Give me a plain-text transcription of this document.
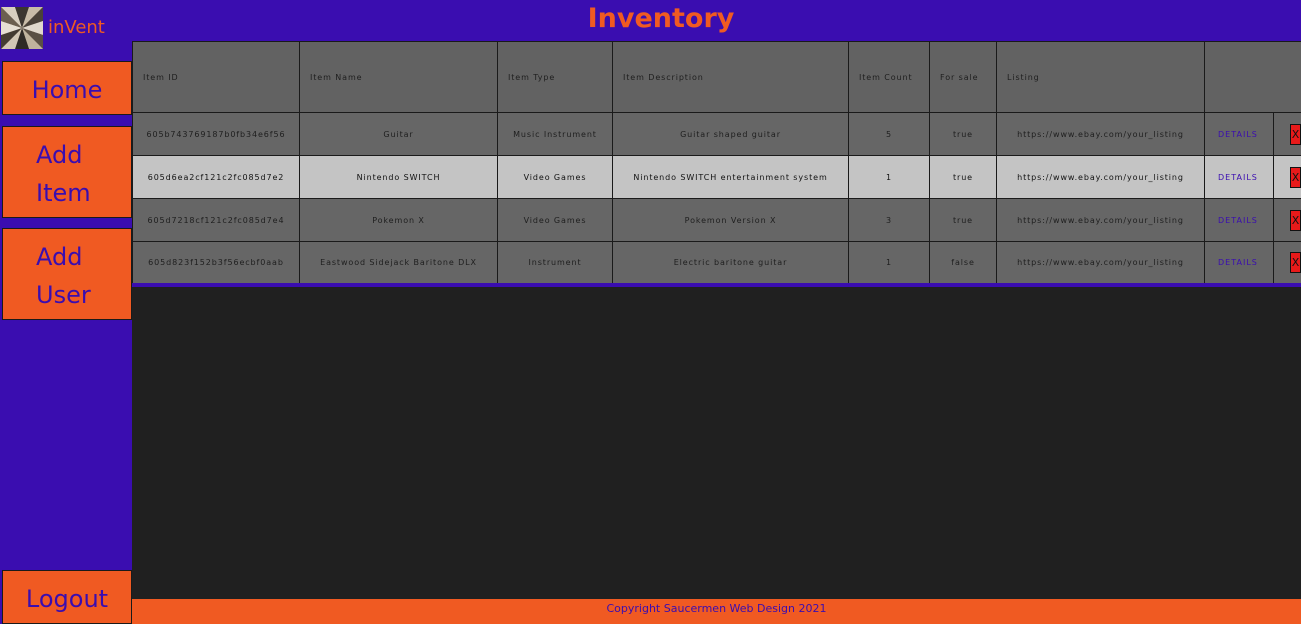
inVent	Inventory
Home
Add Item
Add User
Logout
Item ID	Item Name	Item Type	Item Description	Item Count	For sale	Listing		
605b743769187b0fb34e6f56	Guitar	Music Instrument	Guitar shaped guitar	5	true	https://www.ebay.com/your_listing	DETAILS	X
605d6ea2cf121c2fc085d7e2	Nintendo SWITCH	Video Games	Nintendo SWITCH entertainment system	1	true	https://www.ebay.com/your_listing	DETAILS	X
605d7218cf121c2fc085d7e4	Pokemon X	Video Games	Pokemon Version X	3	true	https://www.ebay.com/your_listing	DETAILS	X
605d823f152b3f56ecbf0aab	Eastwood Sidejack Baritone DLX	Instrument	Electric baritone guitar	1	false	https://www.ebay.com/your_listing	DETAILS	X
Copyright Saucermen Web Design 2021
